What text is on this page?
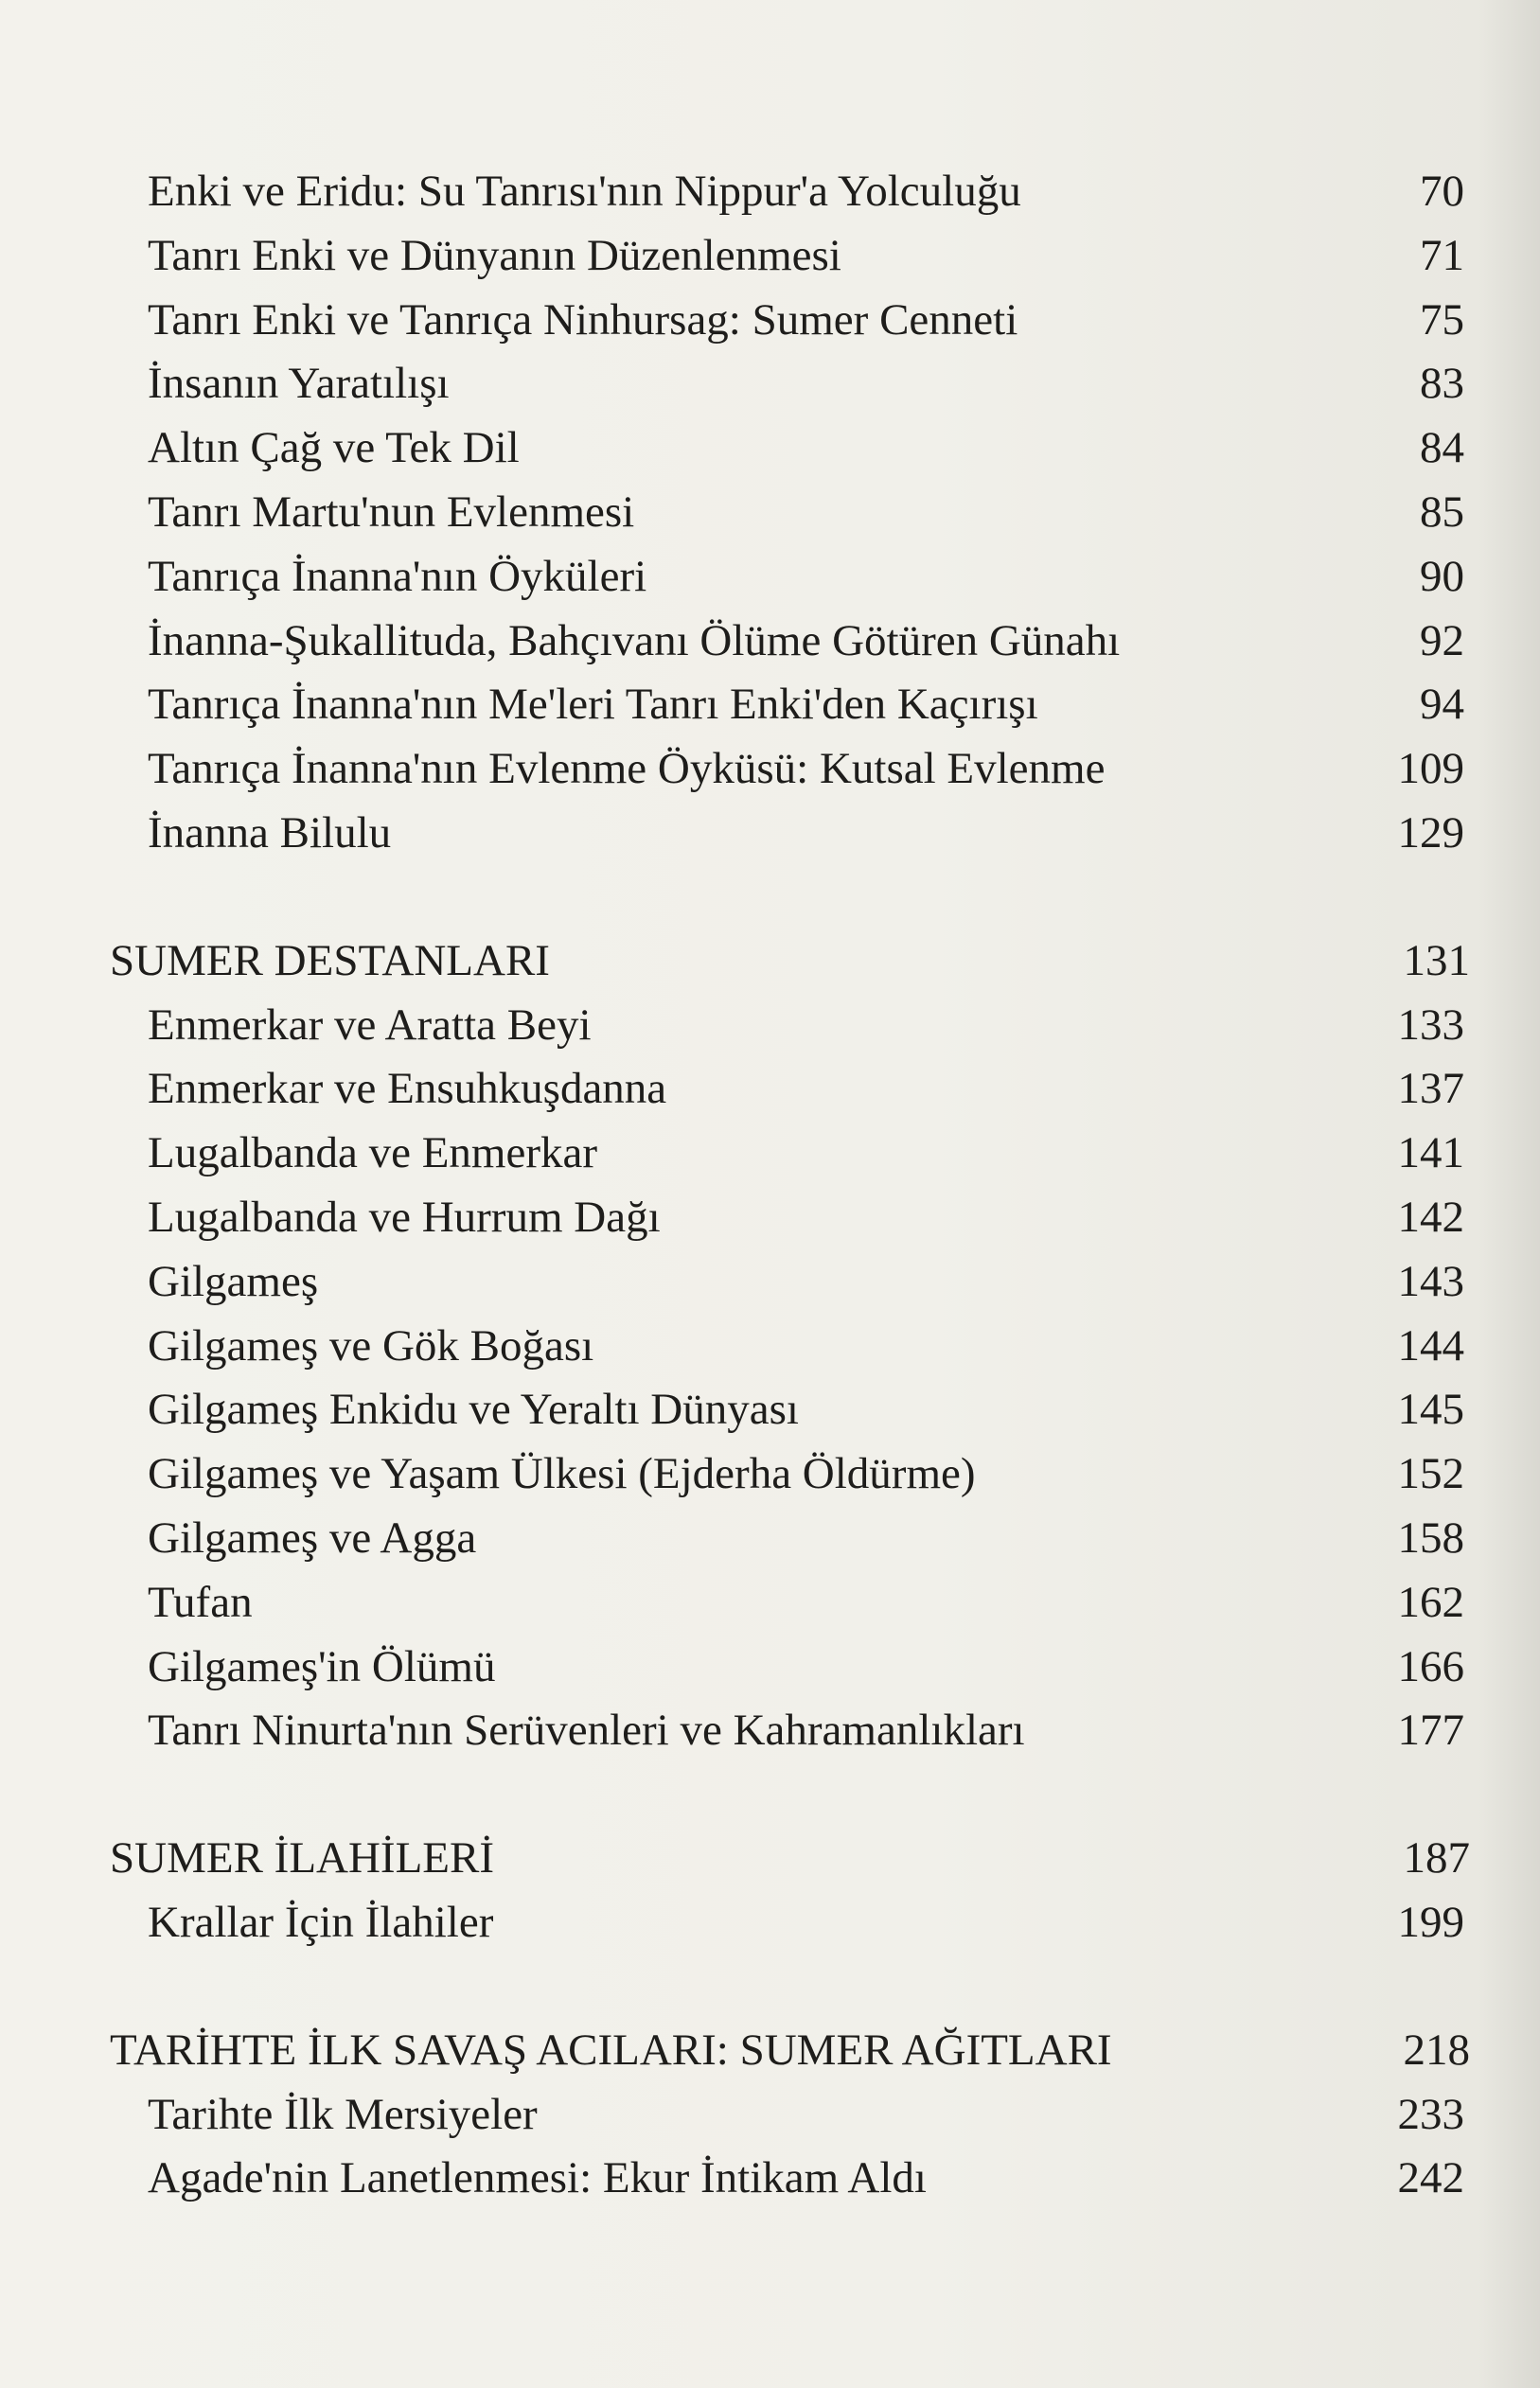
Enki ve Eridu: Su Tanrısı'nın Nippur'a Yolculuğu	70
Tanrı Enki ve Dünyanın Düzenlenmesi	71
Tanrı Enki ve Tanrıça Ninhursag: Sumer Cenneti	75
İnsanın Yaratılışı	83
Altın Çağ ve Tek Dil	84
Tanrı Martu'nun Evlenmesi	85
Tanrıça İnanna'nın Öyküleri	90
İnanna-Şukallituda, Bahçıvanı Ölüme Götüren Günahı	92
Tanrıça İnanna'nın Me'leri Tanrı Enki'den Kaçırışı	94
Tanrıça İnanna'nın Evlenme Öyküsü: Kutsal Evlenme	109
İnanna Bilulu	129
SUMER DESTANLARI	131
Enmerkar ve Aratta Beyi	133
Enmerkar ve Ensuhkuşdanna	137
Lugalbanda ve Enmerkar	141
Lugalbanda ve Hurrum Dağı	142
Gilgameş	143
Gilgameş ve Gök Boğası	144
Gilgameş Enkidu ve Yeraltı Dünyası	145
Gilgameş ve Yaşam Ülkesi (Ejderha Öldürme)	152
Gilgameş ve Agga	158
Tufan	162
Gilgameş'in Ölümü	166
Tanrı Ninurta'nın Serüvenleri ve Kahramanlıkları	177
SUMER İLAHİLERİ	187
Krallar İçin İlahiler	199
TARİHTE İLK SAVAŞ ACILARI: SUMER AĞITLARI	218
Tarihte İlk Mersiyeler	233
Agade'nin Lanetlenmesi: Ekur İntikam Aldı	242
